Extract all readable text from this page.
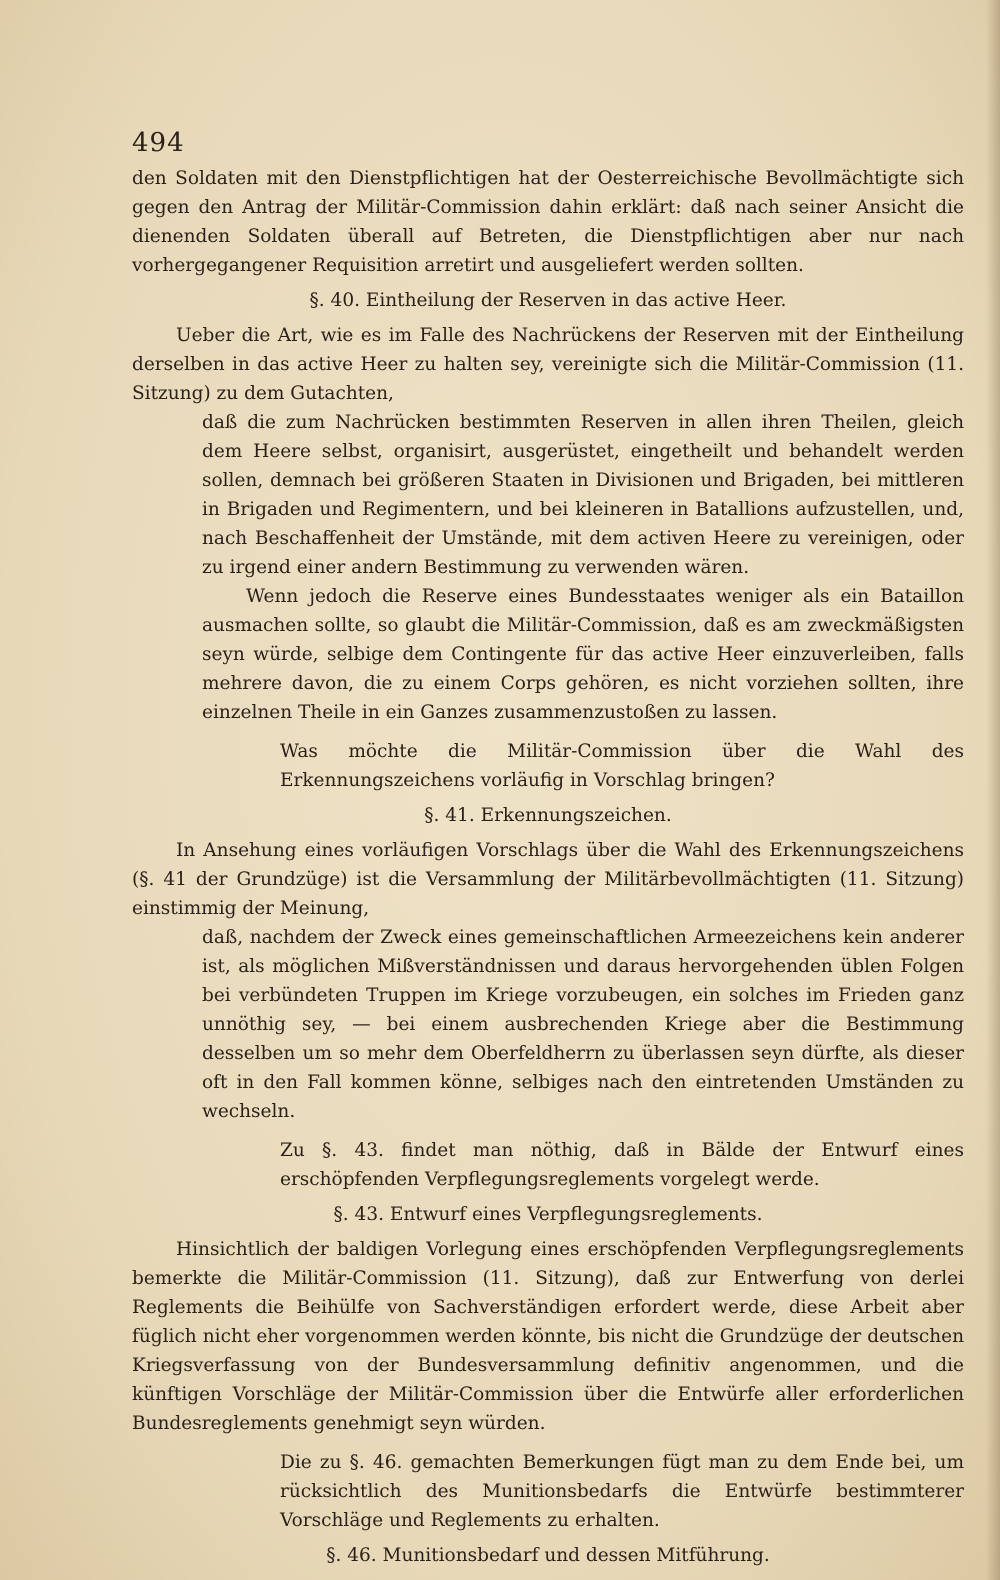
494

den Soldaten mit den Dienstpflichtigen hat der Oesterreichische Bevollmächtigte sich gegen den Antrag der Militär-Commission dahin erklärt: daß nach seiner Ansicht die dienenden Soldaten überall auf Betreten, die Dienstpflichtigen aber nur nach vorhergegangener Requisition arretirt und ausgeliefert werden sollten.

§. 40. Eintheilung der Reserven in das active Heer.

Ueber die Art, wie es im Falle des Nachrückens der Reserven mit der Eintheilung derselben in das active Heer zu halten sey, vereinigte sich die Militär-Commission (11. Sitzung) zu dem Gutachten,

daß die zum Nachrücken bestimmten Reserven in allen ihren Theilen, gleich dem Heere selbst, organisirt, ausgerüstet, eingetheilt und behandelt werden sollen, demnach bei größeren Staaten in Divisionen und Brigaden, bei mittleren in Brigaden und Regimentern, und bei kleineren in Batallions aufzustellen, und, nach Beschaffenheit der Umstände, mit dem activen Heere zu vereinigen, oder zu irgend einer andern Bestimmung zu verwenden wären.

Wenn jedoch die Reserve eines Bundesstaates weniger als ein Bataillon ausmachen sollte, so glaubt die Militär-Commission, daß es am zweckmäßigsten seyn würde, selbige dem Contingente für das active Heer einzuverleiben, falls mehrere davon, die zu einem Corps gehören, es nicht vorziehen sollten, ihre einzelnen Theile in ein Ganzes zusammenzustoßen zu lassen.

Was möchte die Militär-Commission über die Wahl des Erkennungszeichens vorläufig in Vorschlag bringen?

§. 41. Erkennungszeichen.

In Ansehung eines vorläufigen Vorschlags über die Wahl des Erkennungszeichens (§. 41 der Grundzüge) ist die Versammlung der Militärbevollmächtigten (11. Sitzung) einstimmig der Meinung,

daß, nachdem der Zweck eines gemeinschaftlichen Armeezeichens kein anderer ist, als möglichen Mißverständnissen und daraus hervorgehenden üblen Folgen bei verbündeten Truppen im Kriege vorzubeugen, ein solches im Frieden ganz unnöthig sey, — bei einem ausbrechenden Kriege aber die Bestimmung desselben um so mehr dem Oberfeldherrn zu überlassen seyn dürfte, als dieser oft in den Fall kommen könne, selbiges nach den eintretenden Umständen zu wechseln.

Zu §. 43. findet man nöthig, daß in Bälde der Entwurf eines erschöpfenden Verpflegungsreglements vorgelegt werde.

§. 43. Entwurf eines Verpflegungsreglements.

Hinsichtlich der baldigen Vorlegung eines erschöpfenden Verpflegungsreglements bemerkte die Militär-Commission (11. Sitzung), daß zur Entwerfung von derlei Reglements die Beihülfe von Sachverständigen erfordert werde, diese Arbeit aber füglich nicht eher vorgenommen werden könnte, bis nicht die Grundzüge der deutschen Kriegsverfassung von der Bundesversammlung definitiv angenommen, und die künftigen Vorschläge der Militär-Commission über die Entwürfe aller erforderlichen Bundesreglements genehmigt seyn würden.

Die zu §. 46. gemachten Bemerkungen fügt man zu dem Ende bei, um rücksichtlich des Munitionsbedarfs die Entwürfe bestimmterer Vorschläge und Reglements zu erhalten.

§. 46. Munitionsbedarf und dessen Mitführung.
